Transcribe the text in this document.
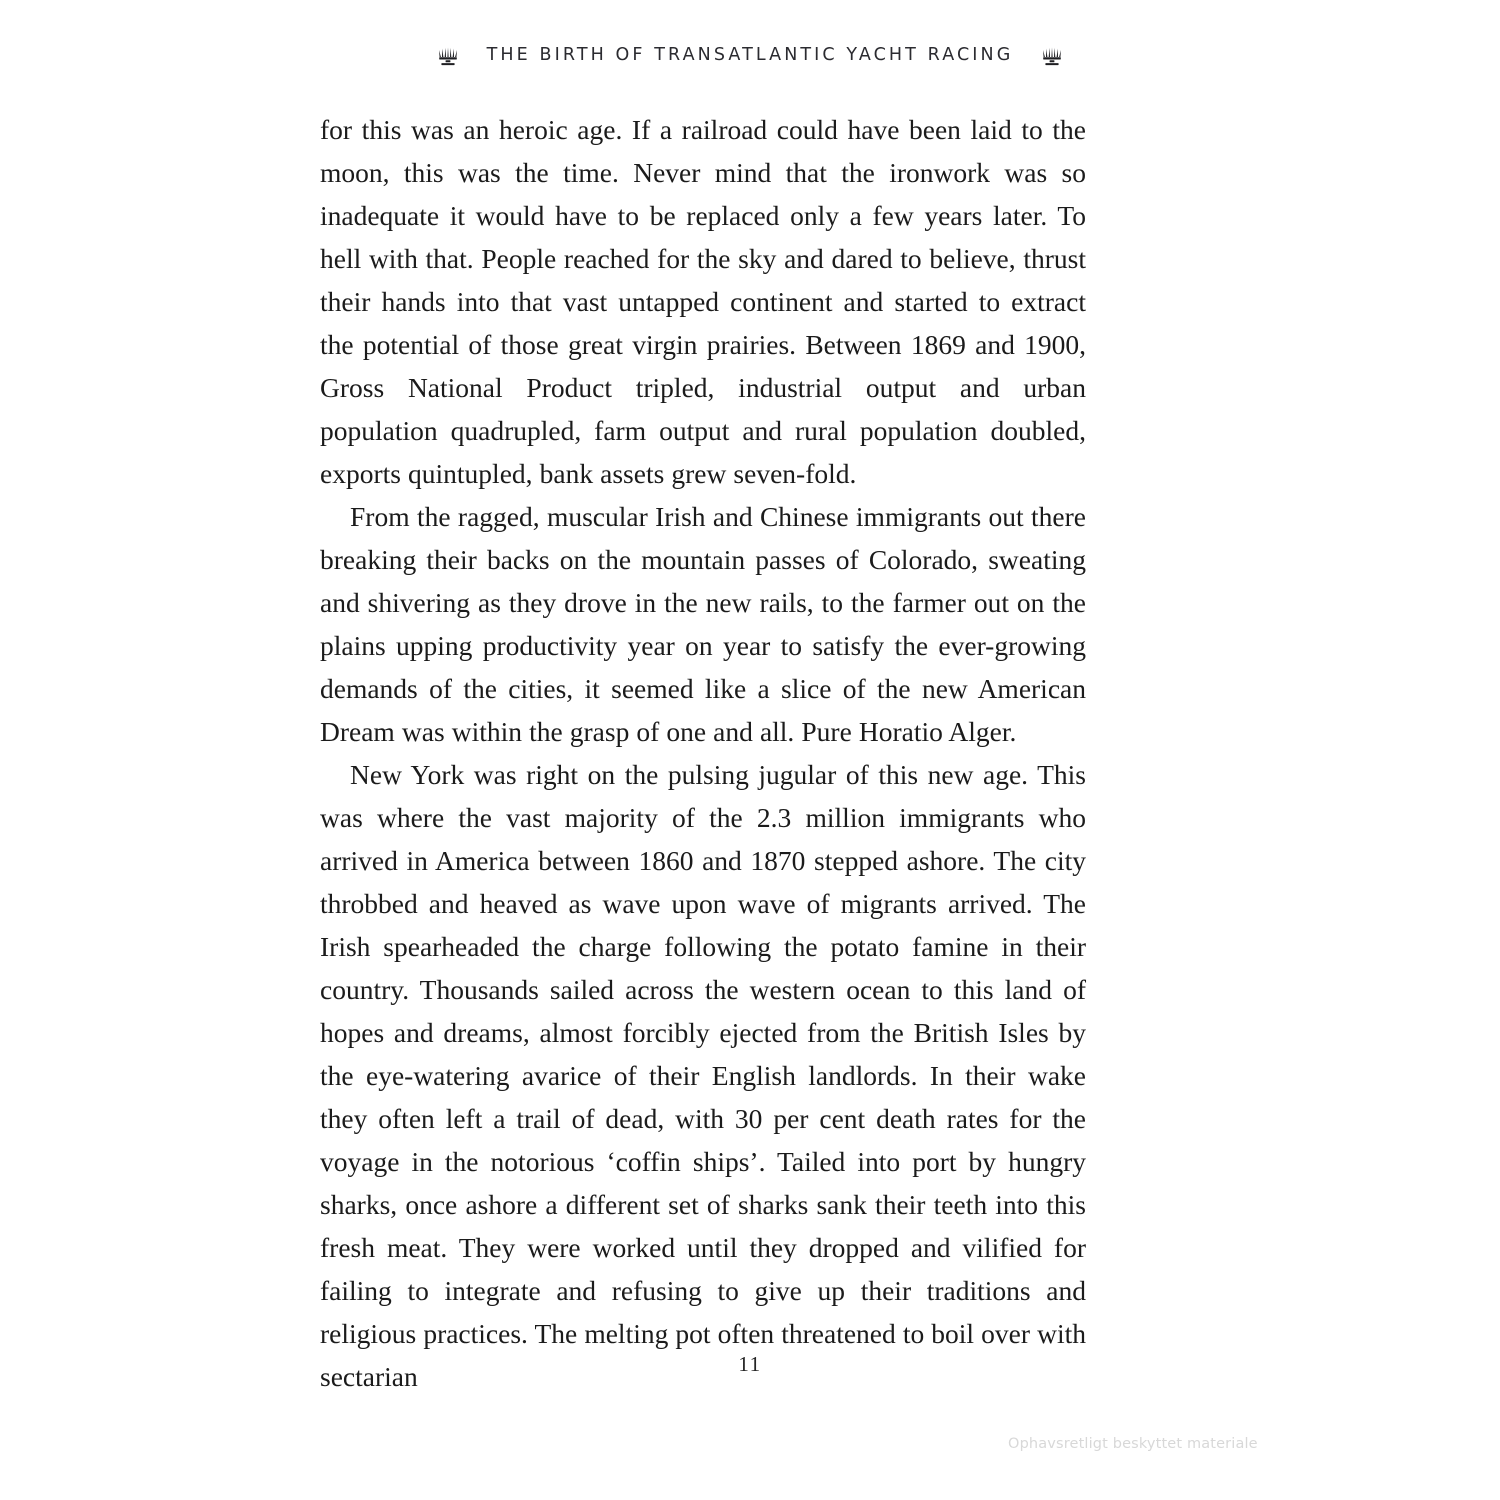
THE BIRTH OF TRANSATLANTIC YACHT RACING

for this was an heroic age. If a railroad could have been laid to the moon, this was the time. Never mind that the ironwork was so inadequate it would have to be replaced only a few years later. To hell with that. People reached for the sky and dared to believe, thrust their hands into that vast untapped continent and started to extract the potential of those great virgin prairies. Between 1869 and 1900, Gross National Product tripled, industrial output and urban population quadrupled, farm output and rural population doubled, exports quintupled, bank assets grew seven-fold.

From the ragged, muscular Irish and Chinese immigrants out there breaking their backs on the mountain passes of Colorado, sweating and shivering as they drove in the new rails, to the farmer out on the plains upping productivity year on year to satisfy the ever-growing demands of the cities, it seemed like a slice of the new American Dream was within the grasp of one and all. Pure Horatio Alger.

New York was right on the pulsing jugular of this new age. This was where the vast majority of the 2.3 million immigrants who arrived in America between 1860 and 1870 stepped ashore. The city throbbed and heaved as wave upon wave of migrants arrived. The Irish spearheaded the charge following the potato famine in their country. Thousands sailed across the western ocean to this land of hopes and dreams, almost forcibly ejected from the British Isles by the eye-watering avarice of their English landlords. In their wake they often left a trail of dead, with 30 per cent death rates for the voyage in the notorious ‘coffin ships’. Tailed into port by hungry sharks, once ashore a different set of sharks sank their teeth into this fresh meat. They were worked until they dropped and vilified for failing to integrate and refusing to give up their traditions and religious practices. The melting pot often threatened to boil over with sectarian	11
Ophavsretligt beskyttet materiale
